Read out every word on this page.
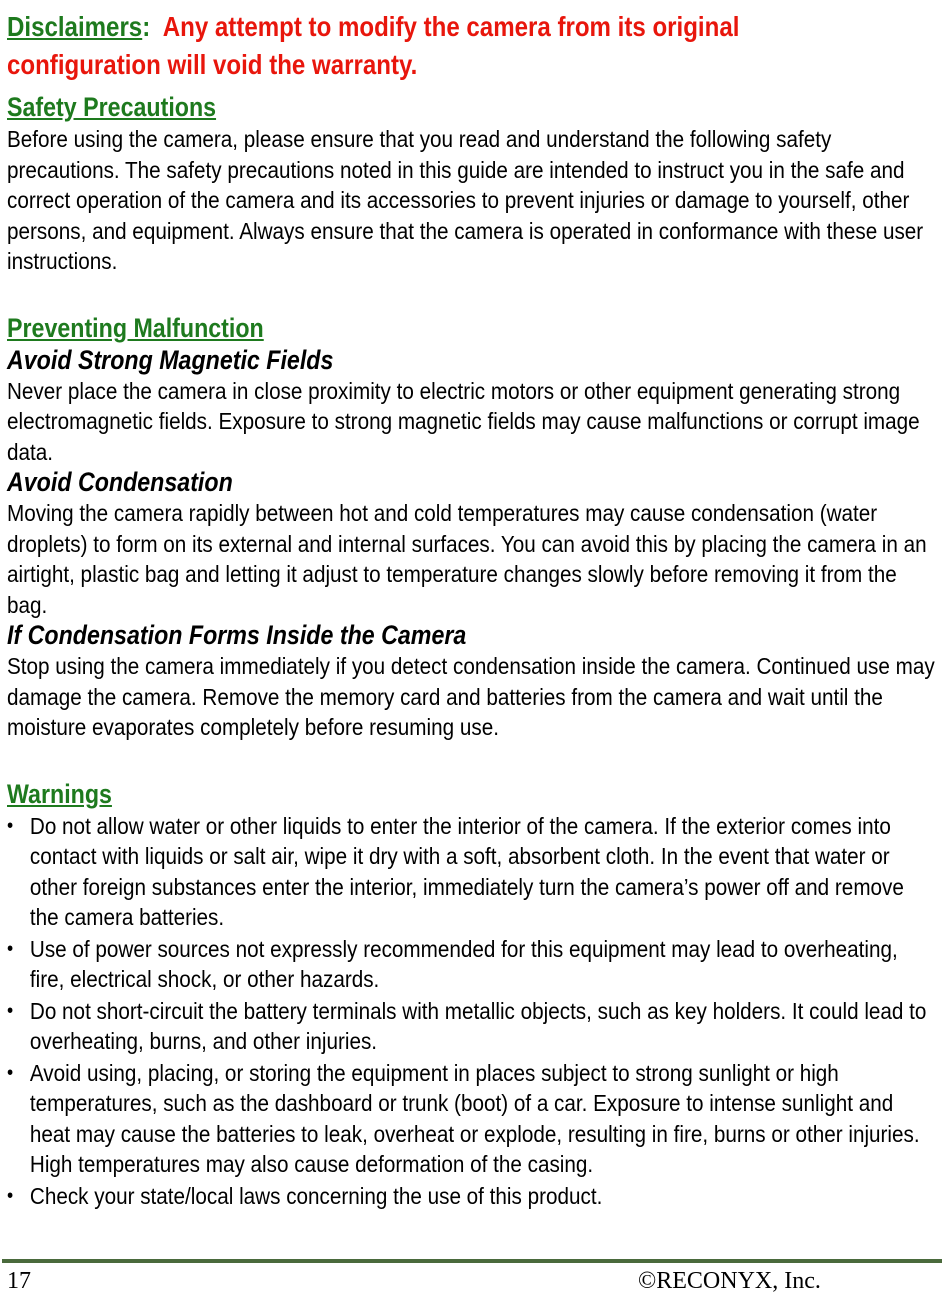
Disclaimers: Any attempt to modify the camera from its original
configuration will void the warranty.

Safety Precautions

Before using the camera, please ensure that you read and understand the following safety precautions. The safety precautions noted in this guide are intended to instruct you in the safe and correct operation of the camera and its accessories to prevent injuries or damage to yourself, other persons, and equipment. Always ensure that the camera is operated in conformance with these user instructions.

Preventing Malfunction

Avoid Strong Magnetic Fields

Never place the camera in close proximity to electric motors or other equipment generating strong electromagnetic fields. Exposure to strong magnetic fields may cause malfunctions or corrupt image data.

Avoid Condensation

Moving the camera rapidly between hot and cold temperatures may cause condensation (water droplets) to form on its external and internal surfaces. You can avoid this by placing the camera in an airtight, plastic bag and letting it adjust to temperature changes slowly before removing it from the bag.

If Condensation Forms Inside the Camera

Stop using the camera immediately if you detect condensation inside the camera. Continued use may damage the camera. Remove the memory card and batteries from the camera and wait until the moisture evaporates completely before resuming use.

Warnings

• Do not allow water or other liquids to enter the interior of the camera. If the exterior comes into contact with liquids or salt air, wipe it dry with a soft, absorbent cloth. In the event that water or other foreign substances enter the interior, immediately turn the camera’s power off and remove the camera batteries.
• Use of power sources not expressly recommended for this equipment may lead to overheating, fire, electrical shock, or other hazards.
• Do not short-circuit the battery terminals with metallic objects, such as key holders. It could lead to overheating, burns, and other injuries.
• Avoid using, placing, or storing the equipment in places subject to strong sunlight or high temperatures, such as the dashboard or trunk (boot) of a car. Exposure to intense sunlight and heat may cause the batteries to leak, overheat or explode, resulting in fire, burns or other injuries. High temperatures may also cause deformation of the casing.
• Check your state/local laws concerning the use of this product.
17	©RECONYX, Inc.
